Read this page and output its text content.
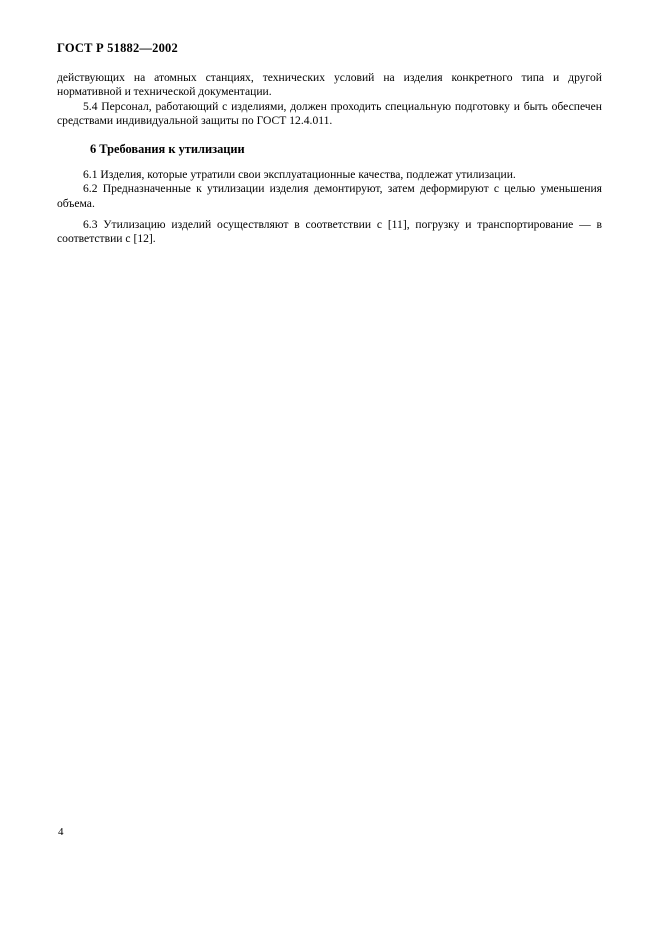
ГОСТ Р 51882—2002

действующих на атомных станциях, технических условий на изделия конкретного типа и другой нормативной и технической документации.

5.4 Персонал, работающий с изделиями, должен проходить специальную подготовку и быть обеспечен средствами индивидуальной защиты по ГОСТ 12.4.011.

6 Требования к утилизации

6.1 Изделия, которые утратили свои эксплуатационные качества, подлежат утилизации.

6.2 Предназначенные к утилизации изделия демонтируют, затем деформируют с целью уменьшения объема.

6.3 Утилизацию изделий осуществляют в соответствии с [11], погрузку и транспортирование — в соответствии с [12].

4
